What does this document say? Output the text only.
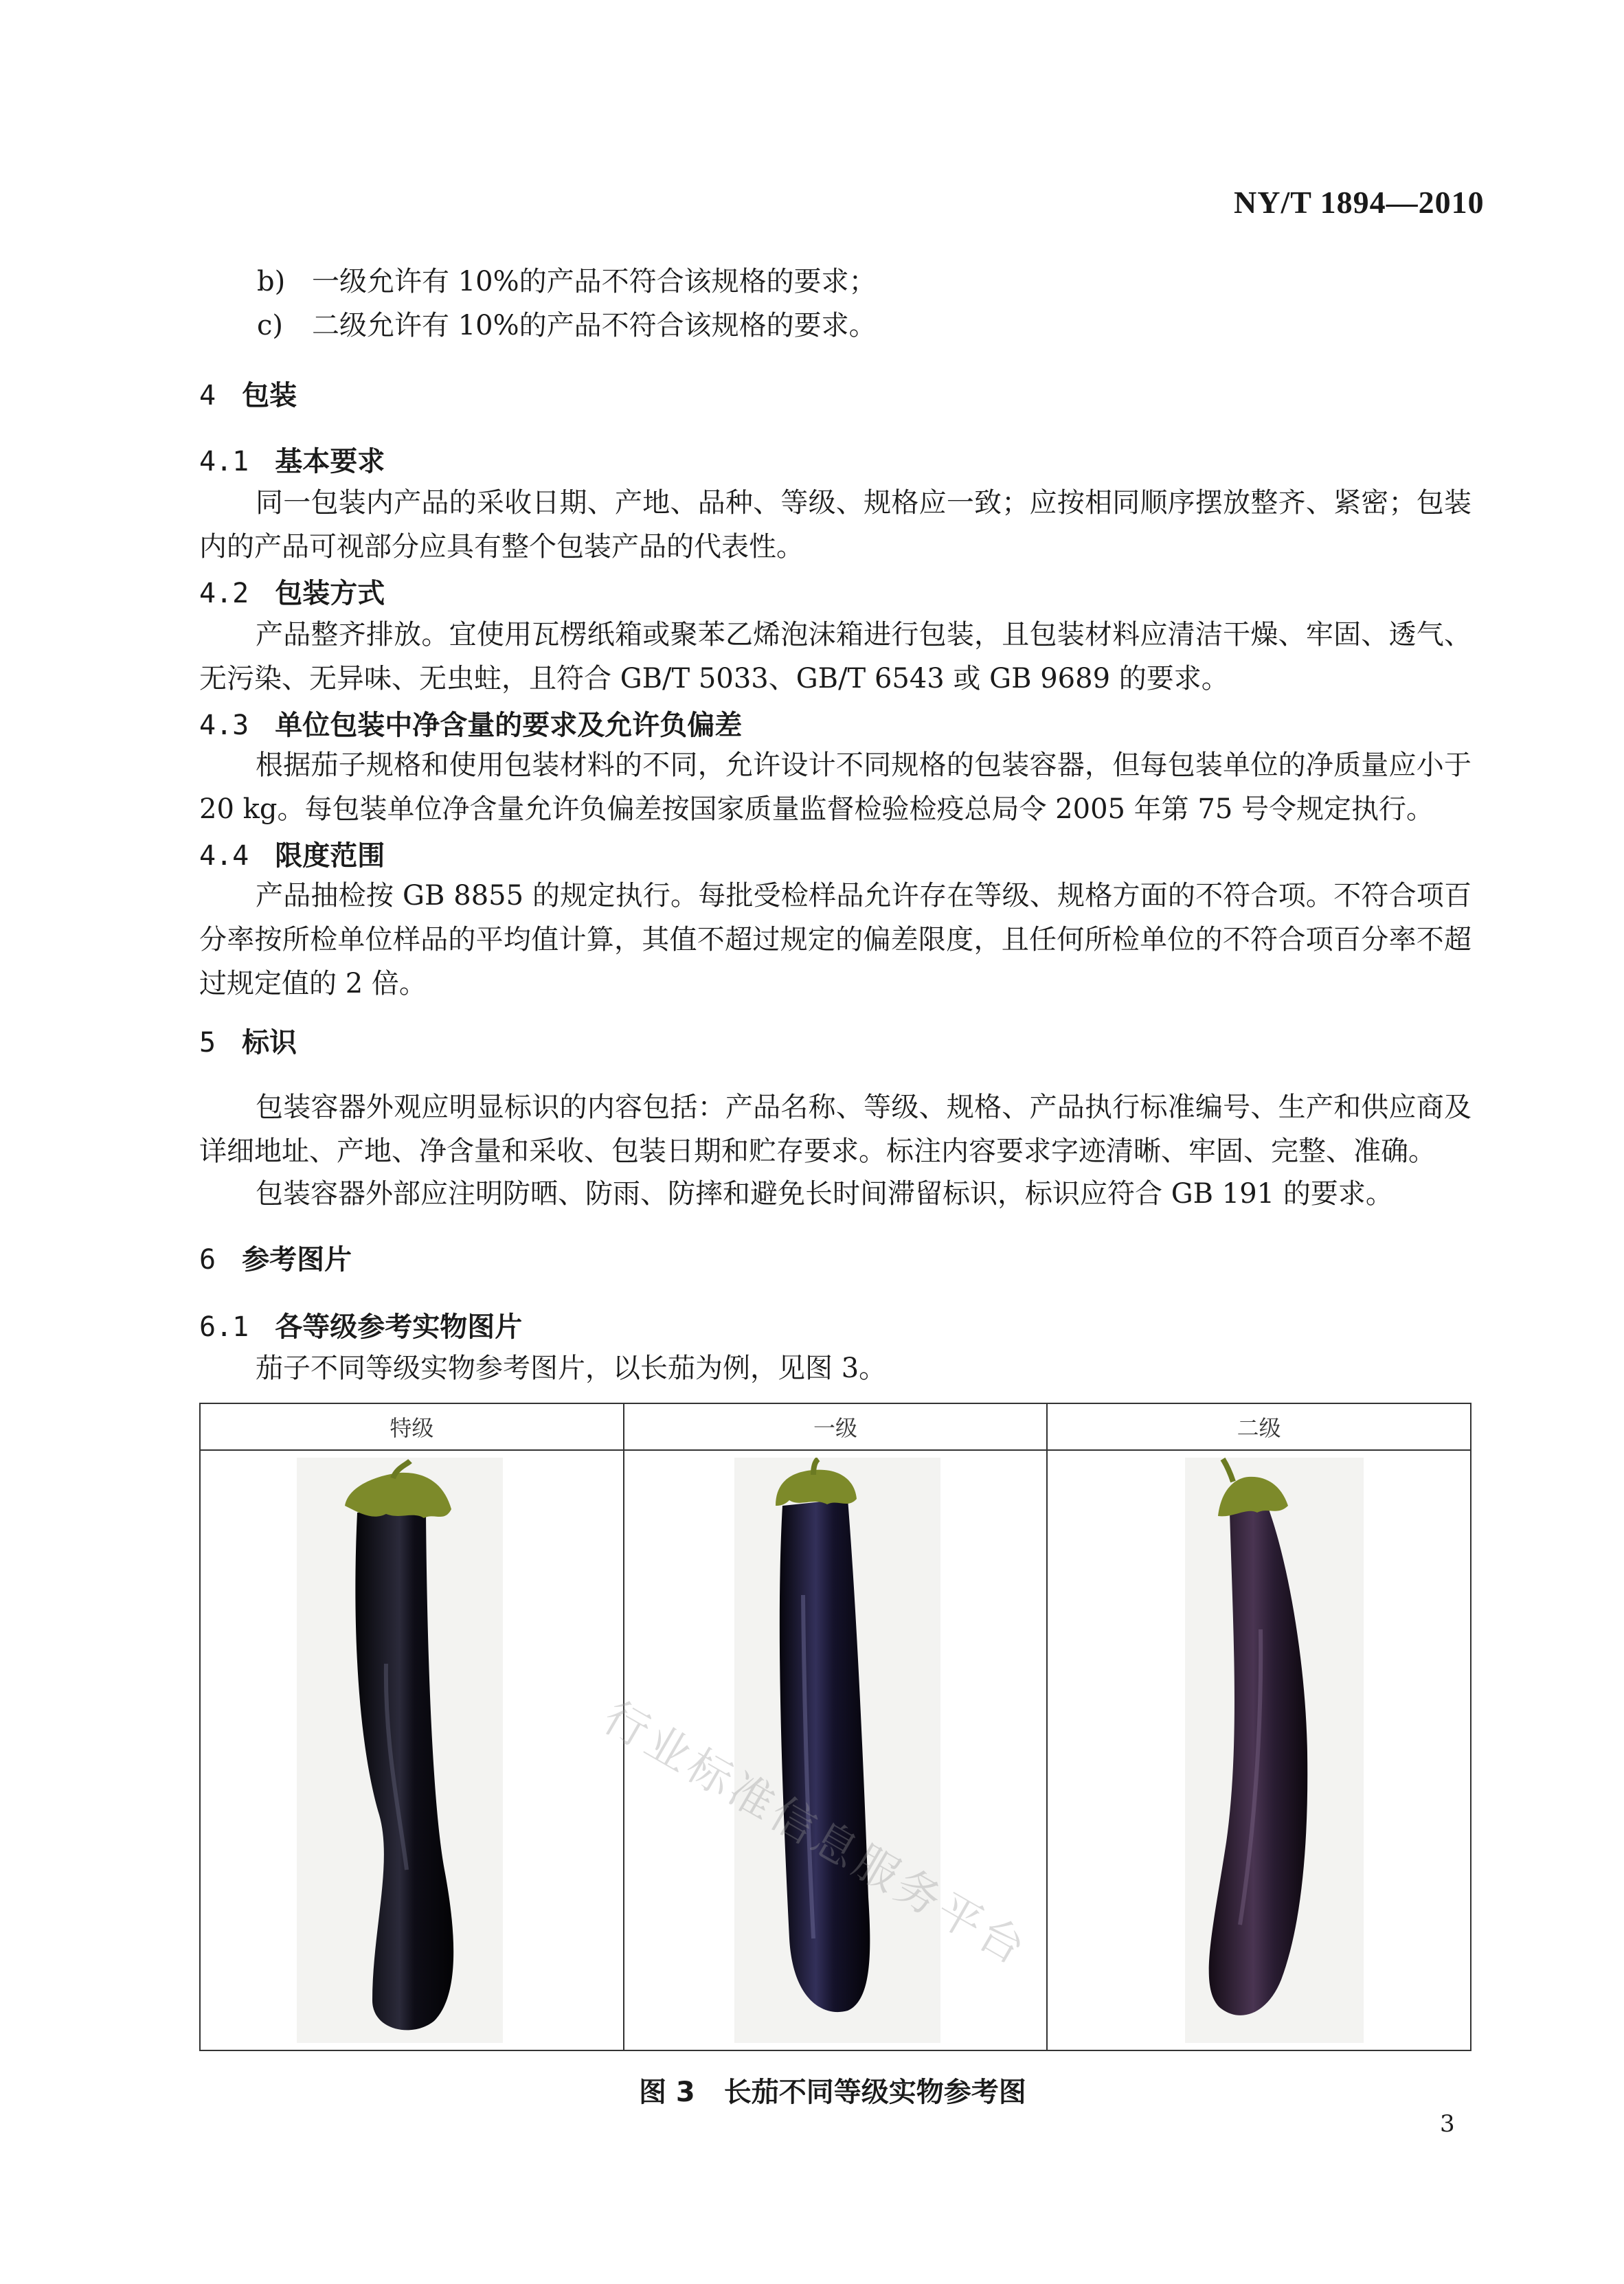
NY/T 1894—2010
b) 一级允许有 10%的产品不符合该规格的要求；
c) 二级允许有 10%的产品不符合该规格的要求。
4 包装
4.1 基本要求
同一包装内产品的采收日期、产地、品种、等级、规格应一致；应按相同顺序摆放整齐、紧密；包装内的产品可视部分应具有整个包装产品的代表性。
4.2 包装方式
产品整齐排放。宜使用瓦楞纸箱或聚苯乙烯泡沫箱进行包装，且包装材料应清洁干燥、牢固、透气、无污染、无异味、无虫蛀，且符合 GB/T 5033、GB/T 6543 或 GB 9689 的要求。
4.3 单位包装中净含量的要求及允许负偏差
根据茄子规格和使用包装材料的不同，允许设计不同规格的包装容器，但每包装单位的净质量应小于 20 kg。每包装单位净含量允许负偏差按国家质量监督检验检疫总局令 2005 年第 75 号令规定执行。
4.4 限度范围
产品抽检按 GB 8855 的规定执行。每批受检样品允许存在等级、规格方面的不符合项。不符合项百分率按所检单位样品的平均值计算，其值不超过规定的偏差限度，且任何所检单位的不符合项百分率不超过规定值的 2 倍。
5 标识
包装容器外观应明显标识的内容包括：产品名称、等级、规格、产品执行标准编号、生产和供应商及详细地址、产地、净含量和采收、包装日期和贮存要求。标注内容要求字迹清晰、牢固、完整、准确。
包装容器外部应注明防晒、防雨、防摔和避免长时间滞留标识，标识应符合 GB 191 的要求。
6 参考图片
6.1 各等级参考实物图片
茄子不同等级实物参考图片，以长茄为例，见图 3。
特级	一级	二级

行业标准信息服务平台
图 3 长茄不同等级实物参考图
3
